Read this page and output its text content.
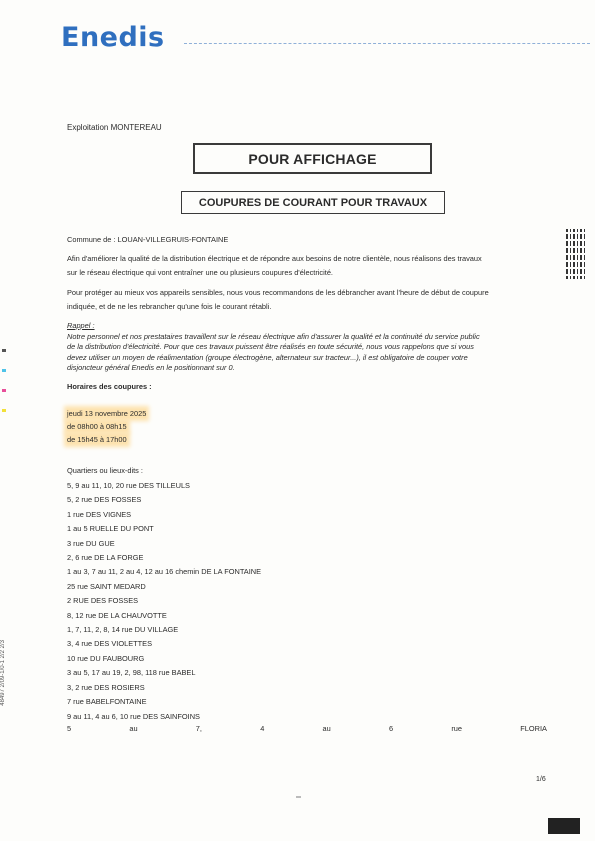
Enedis
48497 2/09-1/0-1 2/2 2/3
Exploitation MONTEREAU
POUR AFFICHAGE
COUPURES DE COURANT POUR TRAVAUX
Commune de : LOUAN-VILLEGRUIS-FONTAINE
Afin d'améliorer la qualité de la distribution électrique et de répondre aux besoins de notre clientèle, nous réalisons des travaux
sur le réseau électrique qui vont entraîner une ou plusieurs coupures d'électricité.
Pour protéger au mieux vos appareils sensibles, nous vous recommandons de les débrancher avant l'heure de début de coupure
indiquée, et de ne les rebrancher qu'une fois le courant rétabli.
Rappel :
Notre personnel et nos prestataires travaillent sur le réseau électrique afin d'assurer la qualité et la continuité du service public
de la distribution d'électricité. Pour que ces travaux puissent être réalisés en toute sécurité, nous vous rappelons que si vous
devez utiliser un moyen de réalimentation (groupe électrogène, alternateur sur tracteur...), il est obligatoire de couper votre
disjoncteur général Enedis en le positionnant sur 0.
Horaires des coupures :
jeudi 13 novembre 2025
de 08h00 à 08h15
de 15h45 à 17h00
Quartiers ou lieux-dits :
5, 9 au 11, 10, 20 rue DES TILLEULS
5, 2 rue DES FOSSES
1 rue DES VIGNES
1 au 5 RUELLE DU PONT
3 rue DU GUE
2, 6 rue DE LA FORGE
1 au 3, 7 au 11, 2 au 4, 12 au 16 chemin DE LA FONTAINE
25 rue SAINT MEDARD
2 RUE DES FOSSES
8, 12 rue DE LA CHAUVOTTE
1, 7, 11, 2, 8, 14 rue DU VILLAGE
3, 4 rue DES VIOLETTES
10 rue DU FAUBOURG
3 au 5, 17 au 19, 2, 98, 118 rue BABEL
3, 2 rue DES ROSIERS
7 rue BABELFONTAINE
9 au 11, 4 au 6, 10 rue DES SAINFOINS
5	au	7,	4	au	6	rue	FLORIA
1/6
